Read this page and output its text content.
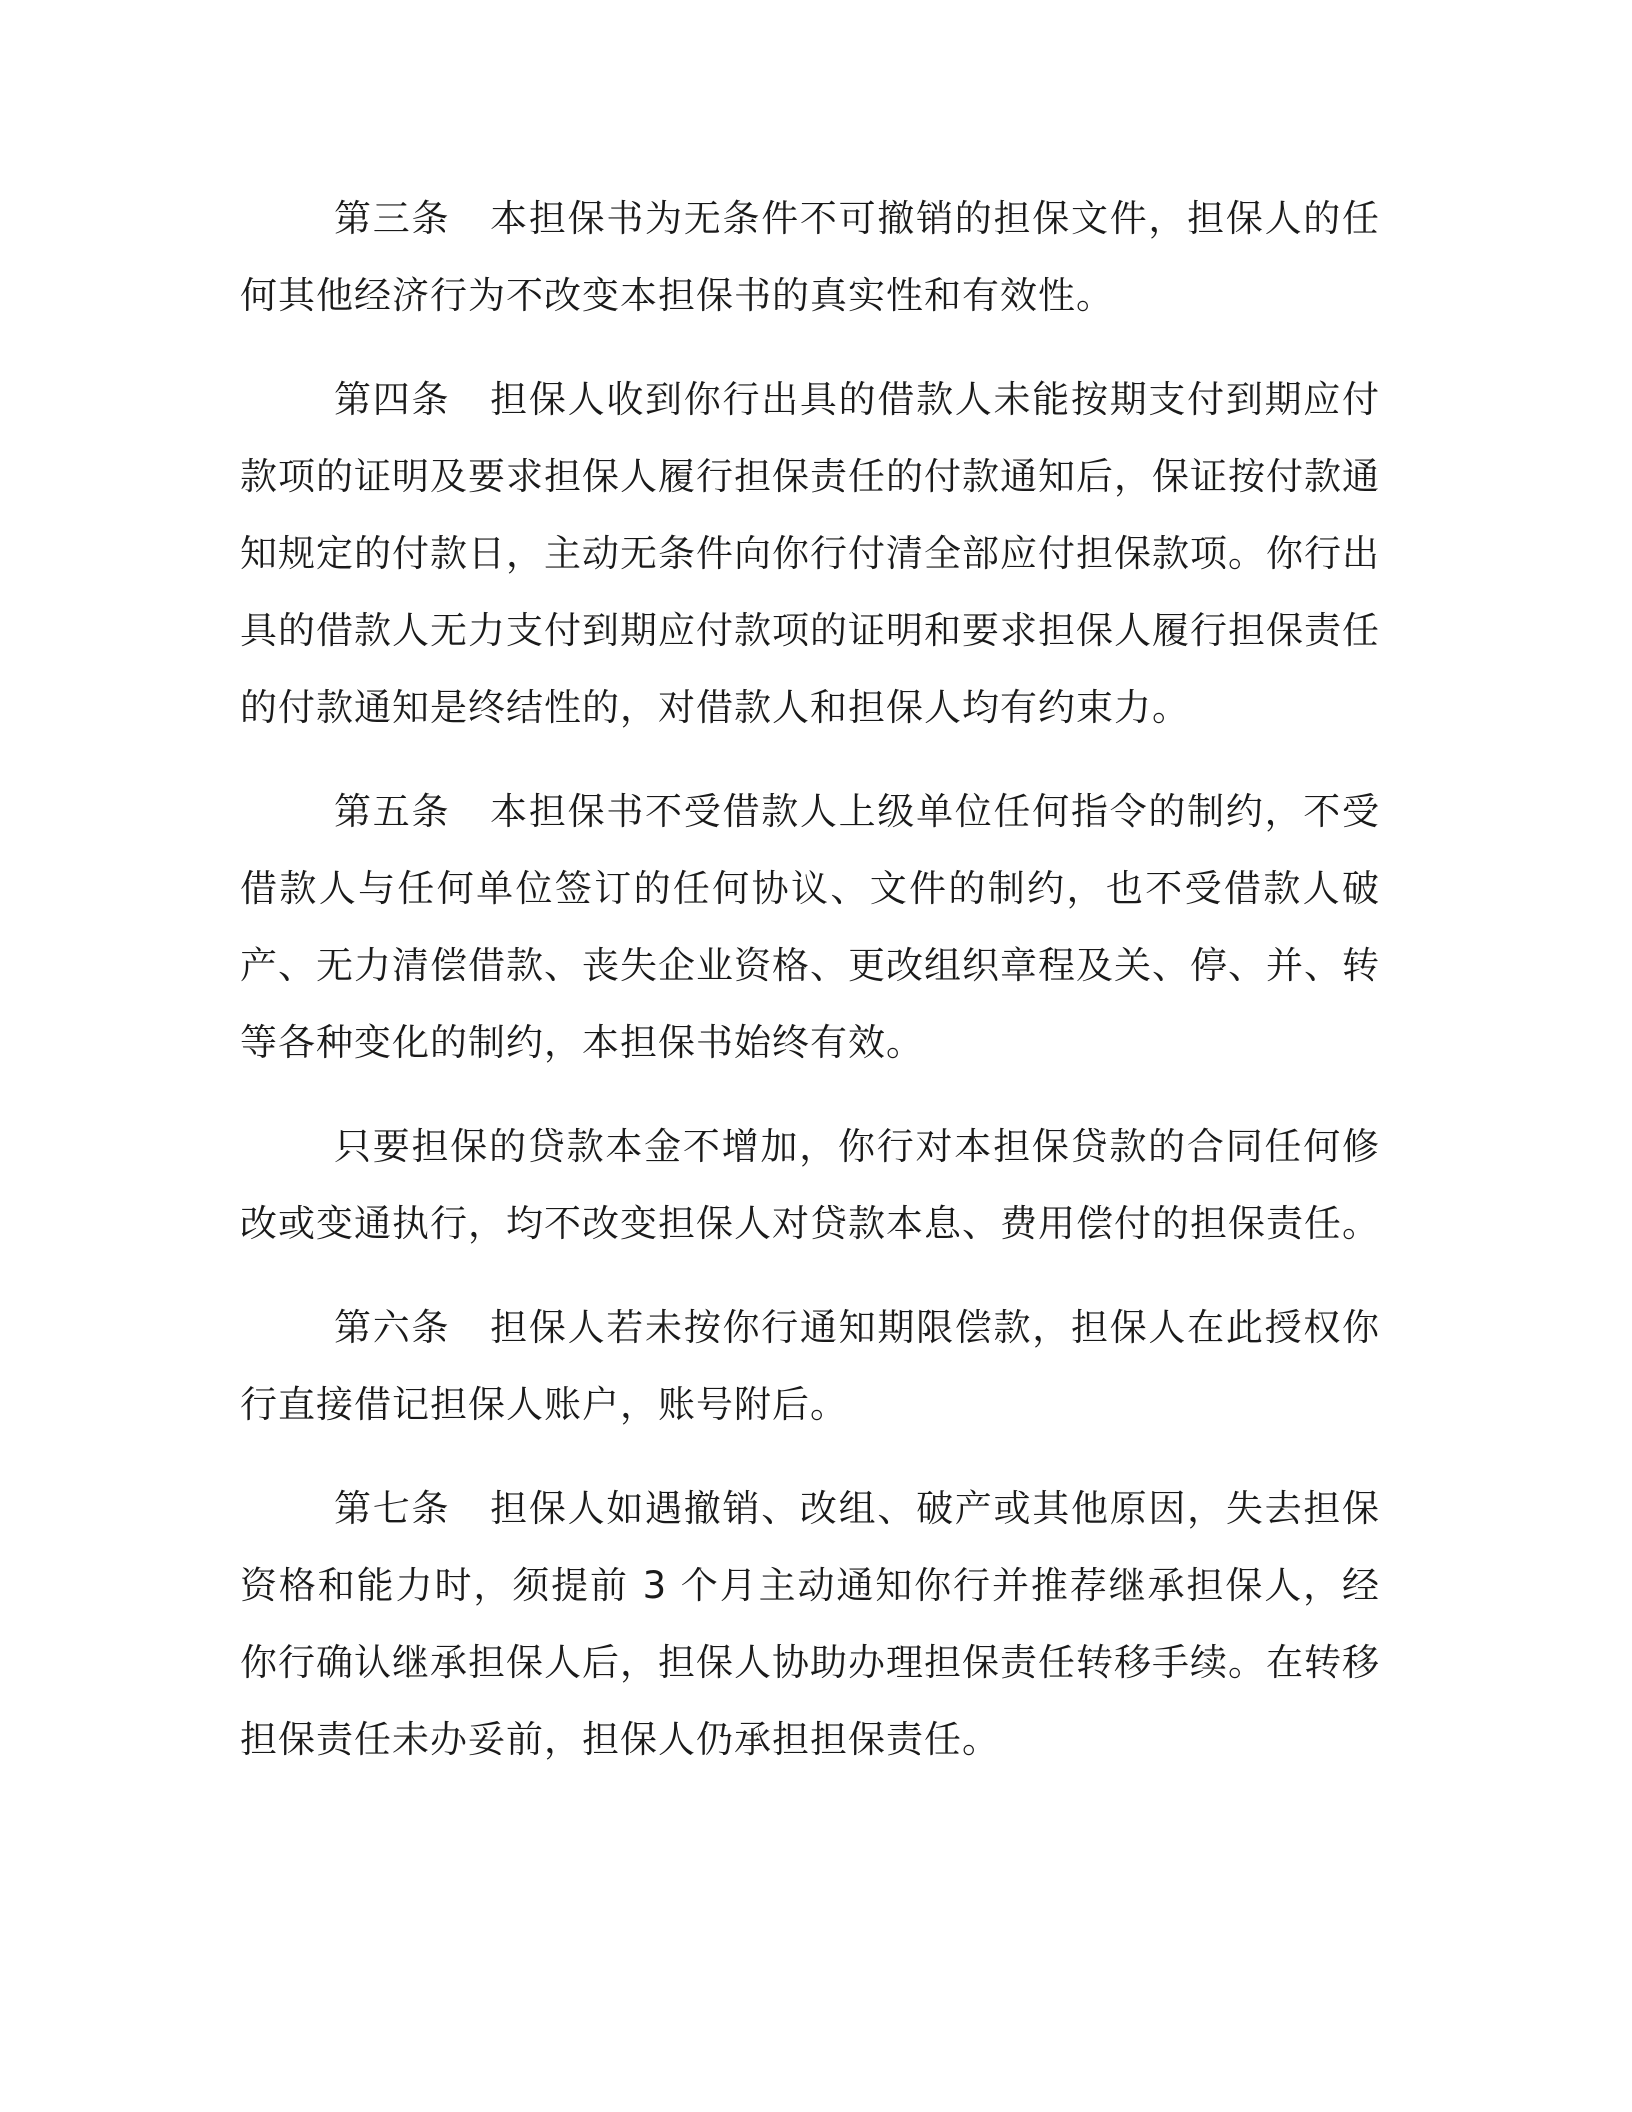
第三条 本担保书为无条件不可撤销的担保文件，担保人的任何其他经济行为不改变本担保书的真实性和有效性。

第四条 担保人收到你行出具的借款人未能按期支付到期应付款项的证明及要求担保人履行担保责任的付款通知后，保证按付款通知规定的付款日，主动无条件向你行付清全部应付担保款项。你行出具的借款人无力支付到期应付款项的证明和要求担保人履行担保责任的付款通知是终结性的，对借款人和担保人均有约束力。

第五条 本担保书不受借款人上级单位任何指令的制约，不受借款人与任何单位签订的任何协议、文件的制约，也不受借款人破产、无力清偿借款、丧失企业资格、更改组织章程及关、停、并、转等各种变化的制约，本担保书始终有效。

只要担保的贷款本金不增加，你行对本担保贷款的合同任何修改或变通执行，均不改变担保人对贷款本息、费用偿付的担保责任。

第六条 担保人若未按你行通知期限偿款，担保人在此授权你行直接借记担保人账户，账号附后。

第七条 担保人如遇撤销、改组、破产或其他原因，失去担保资格和能力时，须提前 3 个月主动通知你行并推荐继承担保人，经你行确认继承担保人后，担保人协助办理担保责任转移手续。在转移担保责任未办妥前，担保人仍承担担保责任。
